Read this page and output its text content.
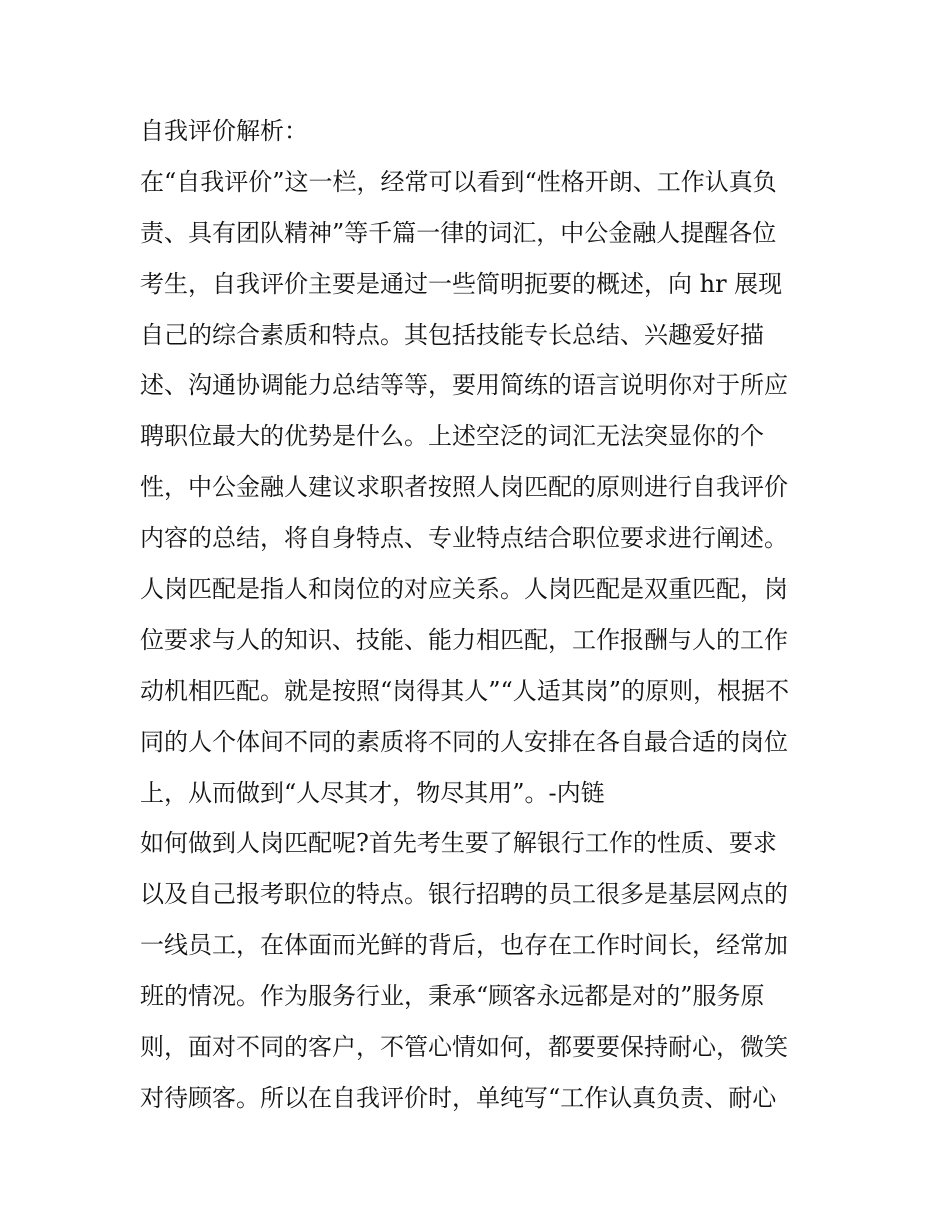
自我评价解析：
在“自我评价”这一栏，经常可以看到“性格开朗、工作认真负
责、具有团队精神”等千篇一律的词汇，中公金融人提醒各位
考生，自我评价主要是通过一些简明扼要的概述，向 hr 展现
自己的综合素质和特点。其包括技能专长总结、兴趣爱好描
述、沟通协调能力总结等等，要用简练的语言说明你对于所应
聘职位最大的优势是什么。上述空泛的词汇无法突显你的个
性，中公金融人建议求职者按照人岗匹配的原则进行自我评价
内容的总结，将自身特点、专业特点结合职位要求进行阐述。
人岗匹配是指人和岗位的对应关系。人岗匹配是双重匹配，岗
位要求与人的知识、技能、能力相匹配，工作报酬与人的工作
动机相匹配。就是按照“岗得其人”“人适其岗”的原则，根据不
同的人个体间不同的素质将不同的人安排在各自最合适的岗位
上，从而做到“人尽其才，物尽其用”。-内链
如何做到人岗匹配呢?首先考生要了解银行工作的性质、要求
以及自己报考职位的特点。银行招聘的员工很多是基层网点的
一线员工，在体面而光鲜的背后，也存在工作时间长，经常加
班的情况。作为服务行业，秉承“顾客永远都是对的”服务原
则，面对不同的客户，不管心情如何，都要要保持耐心，微笑
对待顾客。所以在自我评价时，单纯写“工作认真负责、耐心
